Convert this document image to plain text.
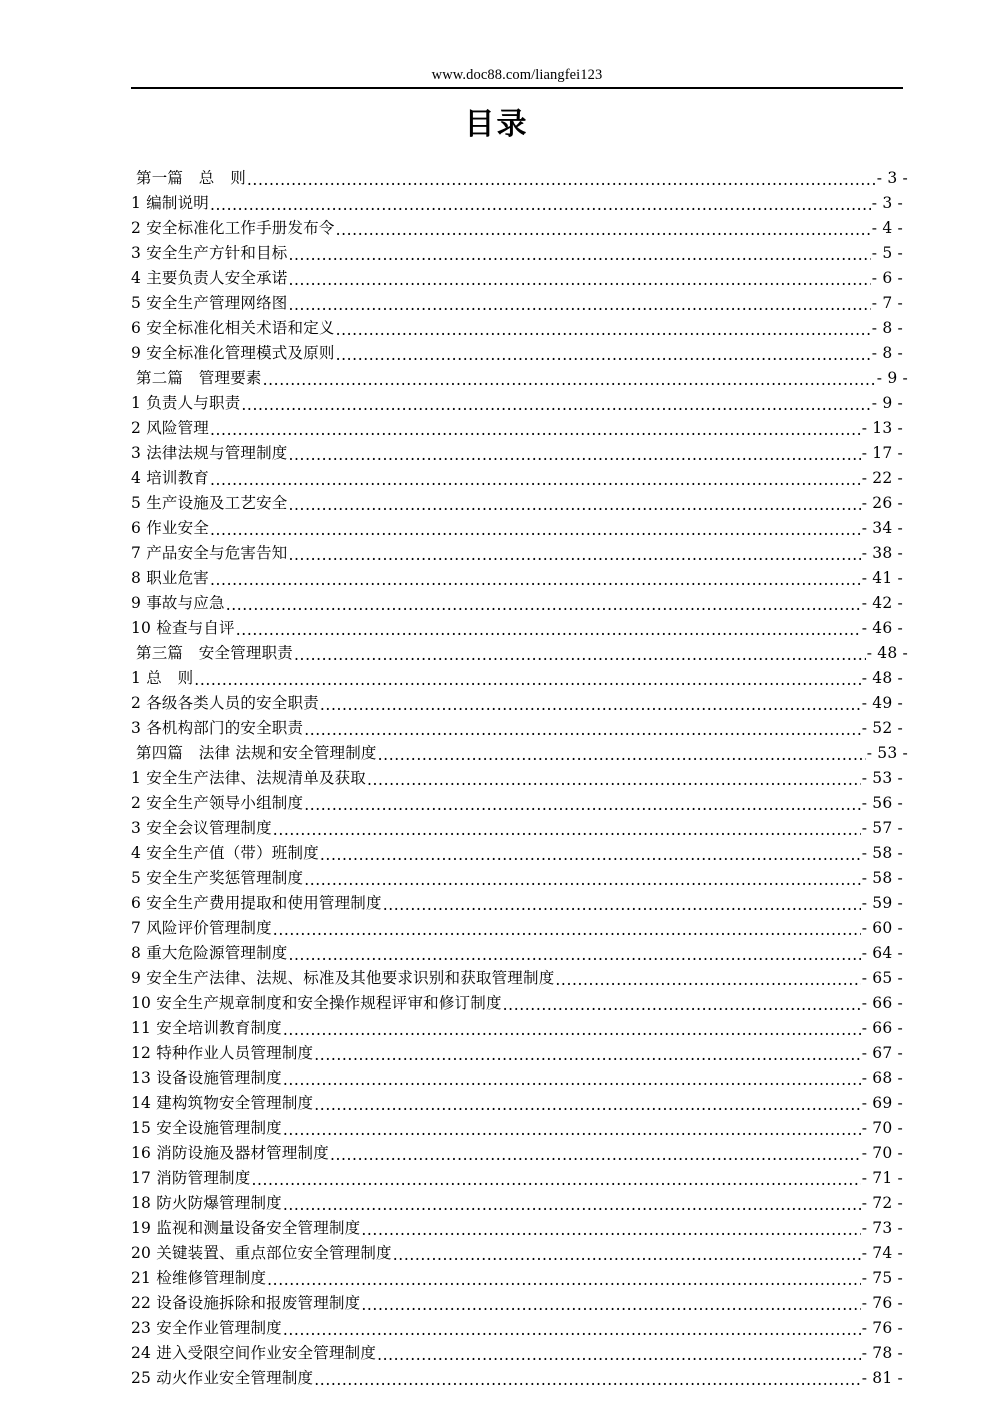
www.doc88.com/liangfei123
目录
第一篇　总　则 .....	- 3 -
1 编制说明 .....	- 3 -
2 安全标准化工作手册发布令 .....	- 4 -
3 安全生产方针和目标 .....	- 5 -
4 主要负责人安全承诺 .....	- 6 -
5 安全生产管理网络图 .....	- 7 -
6 安全标准化相关术语和定义 .....	- 8 -
9 安全标准化管理模式及原则 .....	- 8 -
第二篇　管理要素 .....	- 9 -
1 负责人与职责 .....	- 9 -
2 风险管理 .....	- 13 -
3 法律法规与管理制度 .....	- 17 -
4 培训教育 .....	- 22 -
5 生产设施及工艺安全 .....	- 26 -
6 作业安全 .....	- 34 -
7 产品安全与危害告知 .....	- 38 -
8 职业危害 .....	- 41 -
9 事故与应急 .....	- 42 -
10 检查与自评 .....	- 46 -
第三篇　安全管理职责 .....	- 48 -
1 总　则 .....	- 48 -
2 各级各类人员的安全职责 .....	- 49 -
3 各机构部门的安全职责 .....	- 52 -
第四篇　法律 法规和安全管理制度 .....	- 53 -
1 安全生产法律、法规清单及获取 .....	- 53 -
2 安全生产领导小组制度 .....	- 56 -
3 安全会议管理制度 .....	- 57 -
4 安全生产值（带）班制度 .....	- 58 -
5 安全生产奖惩管理制度 .....	- 58 -
6 安全生产费用提取和使用管理制度 .....	- 59 -
7 风险评价管理制度 .....	- 60 -
8 重大危险源管理制度 .....	- 64 -
9 安全生产法律、法规、标准及其他要求识别和获取管理制度 .....	- 65 -
10 安全生产规章制度和安全操作规程评审和修订制度 .....	- 66 -
11 安全培训教育制度 .....	- 66 -
12 特种作业人员管理制度 .....	- 67 -
13 设备设施管理制度 .....	- 68 -
14 建构筑物安全管理制度 .....	- 69 -
15 安全设施管理制度 .....	- 70 -
16 消防设施及器材管理制度 .....	- 70 -
17 消防管理制度 .....	- 71 -
18 防火防爆管理制度 .....	- 72 -
19 监视和测量设备安全管理制度 .....	- 73 -
20 关键装置、重点部位安全管理制度 .....	- 74 -
21 检维修管理制度 .....	- 75 -
22 设备设施拆除和报废管理制度 .....	- 76 -
23 安全作业管理制度 .....	- 76 -
24 进入受限空间作业安全管理制度 .....	- 78 -
25 动火作业安全管理制度 .....	- 81 -
